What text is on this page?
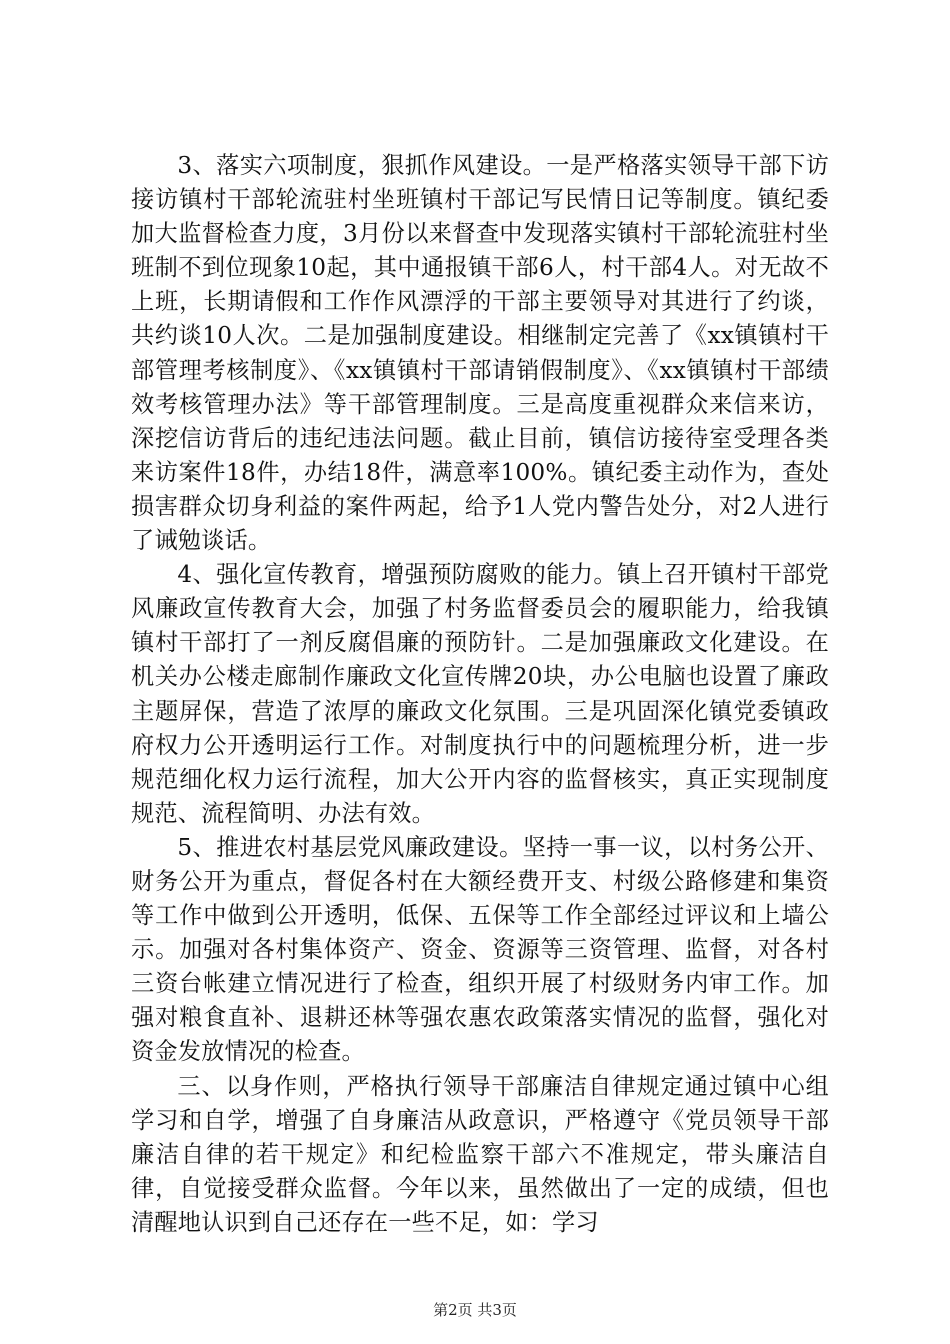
3、落实六项制度，狠抓作风建设。一是严格落实领导干部下访接访镇村干部轮流驻村坐班镇村干部记写民情日记等制度。镇纪委加大监督检查力度，3月份以来督查中发现落实镇村干部轮流驻村坐班制不到位现象10起，其中通报镇干部6人，村干部4人。对无故不上班，长期请假和工作作风漂浮的干部主要领导对其进行了约谈，共约谈10人次。二是加强制度建设。相继制定完善了《xx镇镇村干部管理考核制度》、《xx镇镇村干部请销假制度》、《xx镇镇村干部绩效考核管理办法》等干部管理制度。三是高度重视群众来信来访，深挖信访背后的违纪违法问题。截止目前，镇信访接待室受理各类来访案件18件，办结18件，满意率100%。镇纪委主动作为，查处损害群众切身利益的案件两起，给予1人党内警告处分，对2人进行了诫勉谈话。

4、强化宣传教育，增强预防腐败的能力。镇上召开镇村干部党风廉政宣传教育大会，加强了村务监督委员会的履职能力，给我镇镇村干部打了一剂反腐倡廉的预防针。二是加强廉政文化建设。在机关办公楼走廊制作廉政文化宣传牌20块，办公电脑也设置了廉政主题屏保，营造了浓厚的廉政文化氛围。三是巩固深化镇党委镇政府权力公开透明运行工作。对制度执行中的问题梳理分析，进一步规范细化权力运行流程，加大公开内容的监督核实，真正实现制度规范、流程简明、办法有效。

5、推进农村基层党风廉政建设。坚持一事一议，以村务公开、财务公开为重点，督促各村在大额经费开支、村级公路修建和集资等工作中做到公开透明，低保、五保等工作全部经过评议和上墙公示。加强对各村集体资产、资金、资源等三资管理、监督，对各村三资台帐建立情况进行了检查，组织开展了村级财务内审工作。加强对粮食直补、退耕还林等强农惠农政策落实情况的监督，强化对资金发放情况的检查。

三、以身作则，严格执行领导干部廉洁自律规定通过镇中心组学习和自学，增强了自身廉洁从政意识，严格遵守《党员领导干部廉洁自律的若干规定》和纪检监察干部六不准规定，带头廉洁自律，自觉接受群众监督。今年以来，虽然做出了一定的成绩，但也清醒地认识到自己还存在一些不足，如：学习

第2页 共3页
